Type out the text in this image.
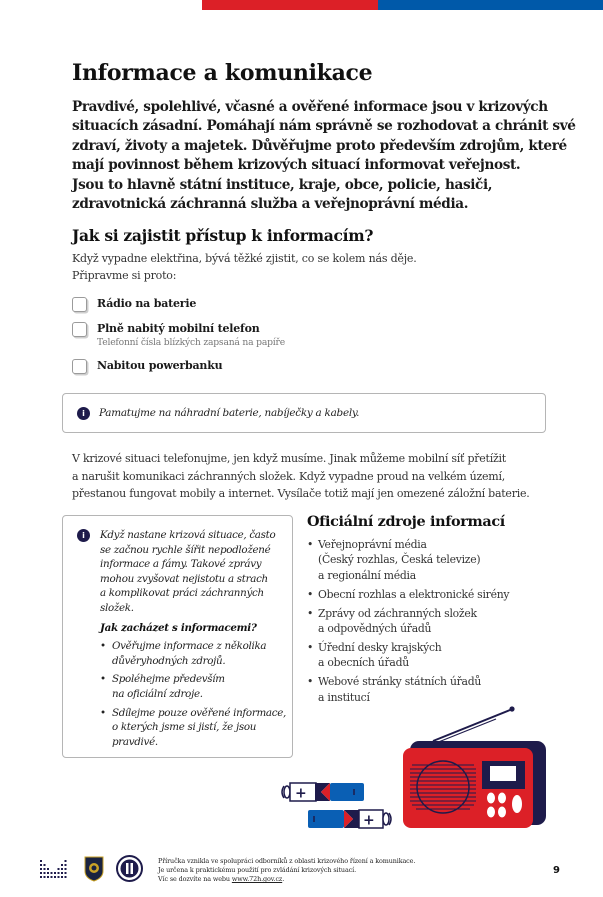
Informace a komunikace
Pravdivé, spolehlivé, včasné a ověřené informace jsou v krizových
situacích zásadní. Pomáhají nám správně se rozhodovat a chránit své
zdraví, životy a majetek. Důvěřujme proto především zdrojům, které
mají povinnost během krizových situací informovat veřejnost.
Jsou to hlavně státní instituce, kraje, obce, policie, hasiči,
zdravotnická záchranná služba a veřejnoprávní média.
Jak si zajistit přístup k informacím?
Když vypadne elektřina, bývá těžké zjistit, co se kolem nás děje.
Připravme si proto:
Rádio na baterie
Plně nabitý mobilní telefon
Telefonní čísla blízkých zapsaná na papíře
Nabitou powerbanku
i	Pamatujme na náhradní baterie, nabíječky a kabely.
V krizové situaci telefonujme, jen když musíme. Jinak můžeme mobilní síť přetížit
a narušit komunikaci záchranných složek. Když vypadne proud na velkém území,
přestanou fungovat mobily a internet. Vysílače totiž mají jen omezené záložní baterie.
i	Když nastane krizová situace, často
se začnou rychle šířit nepodložené
informace a fámy. Takové zprávy
mohou zvyšovat nejistotu a strach
a komplikovat práci záchranných
složek.
Jak zacházet s informacemi?
• Ověřujme informace z několika
důvěryhodných zdrojů.
• Spoléhejme především
na oficiální zdroje.
• Sdílejme pouze ověřené informace,
o kterých jsme si jistí, že jsou
pravdivé.
Oficiální zdroje informací
• Veřejnoprávní média
(Český rozhlas, Česká televize)
a regionální média
• Obecní rozhlas a elektronické sirény
• Zprávy od záchranných složek
a odpovědných úřadů
• Úřední desky krajských
a obecních úřadů
• Webové stránky státních úřadů
a institucí
+
+
Příručka vznikla ve spolupráci odborníků z oblasti krizového řízení a komunikace.
Je určena k praktickému použití pro zvládání krizových situací.
Víc se dozvíte na webu www.72h.gov.cz.
9
